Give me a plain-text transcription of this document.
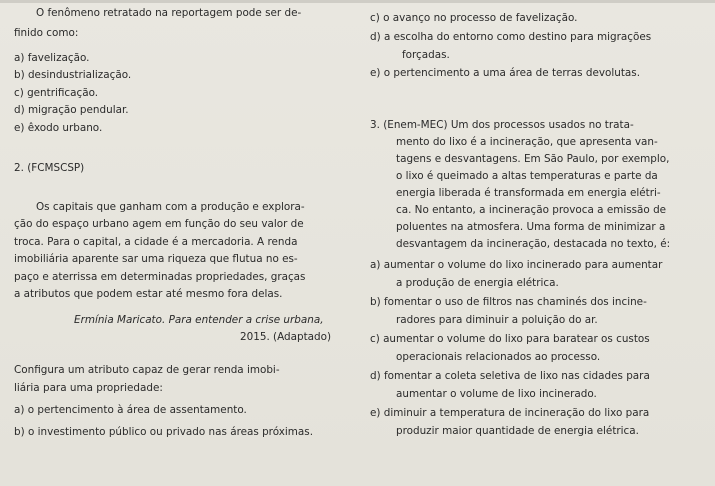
O fenômeno retratado na reportagem pode ser de-
finido como:
a) favelização.
b) desindustrialização.
c) gentrificação.
d) migração pendular.
e) êxodo urbano.
2. (FCMSCSP)
Os capitais que ganham com a produção e explora-
ção do espaço urbano agem em função do seu valor de
troca. Para o capital, a cidade é a mercadoria. A renda
imobiliária aparente sar uma riqueza que flutua no es-
paço e aterrissa em determinadas propriedades, graças
a atributos que podem estar até mesmo fora delas.
Ermínia Maricato. Para entender a crise urbana,
2015. (Adaptado)
Configura um atributo capaz de gerar renda imobi-
liária para uma propriedade:
a) o pertencimento à área de assentamento.
b) o investimento público ou privado nas áreas próximas.
c) o avanço no processo de favelização.
d) a escolha do entorno como destino para migrações
forçadas.
e) o pertencimento a uma área de terras devolutas.
3. (Enem-MEC) Um dos processos usados no trata-
mento do lixo é a incineração, que apresenta van-
tagens e desvantagens. Em São Paulo, por exemplo,
o lixo é queimado a altas temperaturas e parte da
energia liberada é transformada em energia elétri-
ca. No entanto, a incineração provoca a emissão de
poluentes na atmosfera. Uma forma de minimizar a
desvantagem da incineração, destacada no texto, é:
a) aumentar o volume do lixo incinerado para aumentar
a produção de energia elétrica.
b) fomentar o uso de filtros nas chaminés dos incine-
radores para diminuir a poluição do ar.
c) aumentar o volume do lixo para baratear os custos
operacionais relacionados ao processo.
d) fomentar a coleta seletiva de lixo nas cidades para
aumentar o volume de lixo incinerado.
e) diminuir a temperatura de incineração do lixo para
produzir maior quantidade de energia elétrica.
